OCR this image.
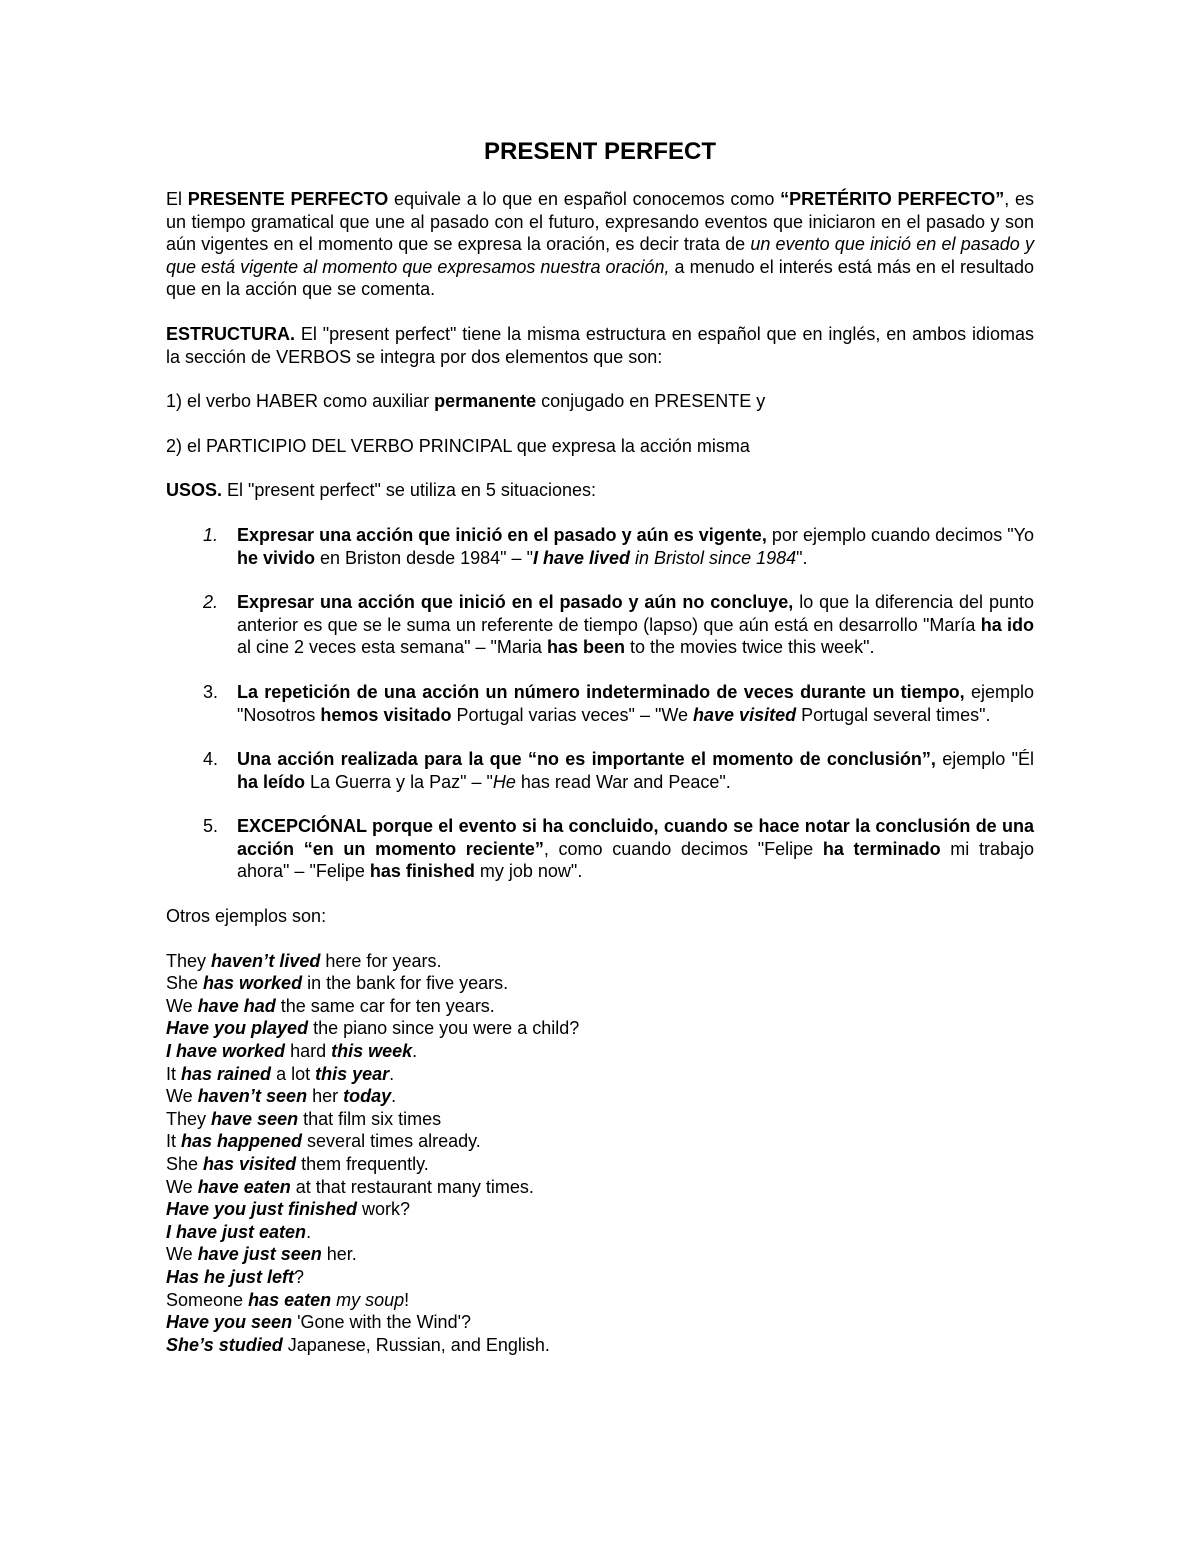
PRESENT PERFECT

El PRESENTE PERFECTO equivale a lo que en español conocemos como “PRETÉRITO PERFECTO”, es un tiempo gramatical que une al pasado con el futuro, expresando eventos que iniciaron en el pasado y son aún vigentes en el momento que se expresa la oración, es decir trata de un evento que inició en el pasado y que está vigente al momento que expresamos nuestra oración, a menudo el interés está más en el resultado que en la acción que se comenta.

ESTRUCTURA. El "present perfect" tiene la misma estructura en español que en inglés, en ambos idiomas la sección de VERBOS se integra por dos elementos que son:

1) el verbo HABER como auxiliar permanente conjugado en PRESENTE y

2) el PARTICIPIO DEL VERBO PRINCIPAL que expresa la acción misma

USOS. El "present perfect" se utiliza en 5 situaciones:

1. Expresar una acción que inició en el pasado y aún es vigente, por ejemplo cuando decimos "Yo he vivido en Briston desde 1984" – "I have lived in Bristol since 1984".
2. Expresar una acción que inició en el pasado y aún no concluye, lo que la diferencia del punto anterior es que se le suma un referente de tiempo (lapso) que aún está en desarrollo "María ha ido al cine 2 veces esta semana" – "Maria has been to the movies twice this week".
3. La repetición de una acción un número indeterminado de veces durante un tiempo, ejemplo "Nosotros hemos visitado Portugal varias veces" – "We have visited Portugal several times".
4. Una acción realizada para la que “no es importante el momento de conclusión”, ejemplo "Él ha leído La Guerra y la Paz" – "He has read War and Peace".
5. EXCEPCIÓNAL porque el evento si ha concluido, cuando se hace notar la conclusión de una acción “en un momento reciente”, como cuando decimos "Felipe ha terminado mi trabajo ahora" – "Felipe has finished my job now".

Otros ejemplos son:

They haven’t lived here for years.
She has worked in the bank for five years.
We have had the same car for ten years.
Have you played the piano since you were a child?
I have worked hard this week.
It has rained a lot this year.
We haven’t seen her today.
They have seen that film six times
It has happened several times already.
She has visited them frequently.
We have eaten at that restaurant many times.
Have you just finished work?
I have just eaten.
We have just seen her.
Has he just left?
Someone has eaten my soup!
Have you seen 'Gone with the Wind'?
She’s studied Japanese, Russian, and English.
